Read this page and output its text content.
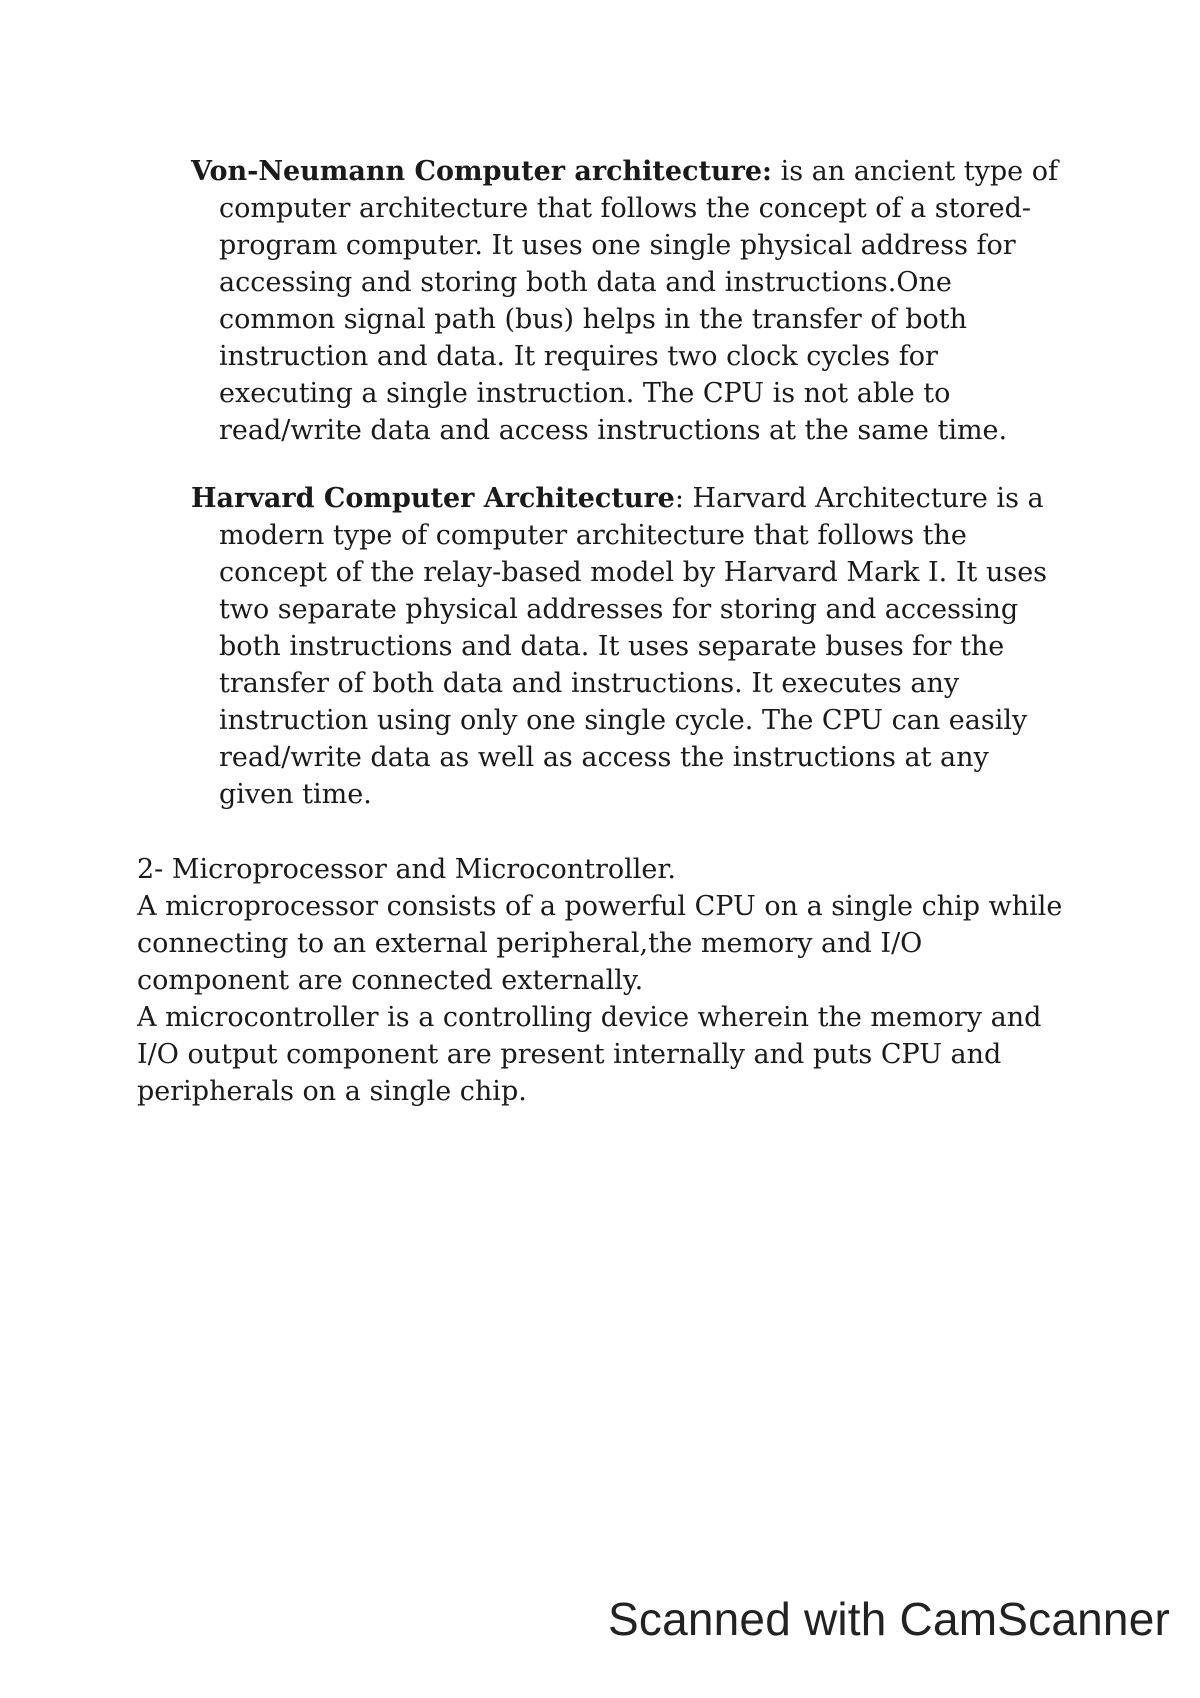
Von-Neumann Computer architecture: is an ancient type of computer architecture that follows the concept of a stored-program computer. It uses one single physical address for accessing and storing both data and instructions.One common signal path (bus) helps in the transfer of both instruction and data. It requires two clock cycles for executing a single instruction. The CPU is not able to read/write data and access instructions at the same time.

Harvard Computer Architecture: Harvard Architecture is a modern type of computer architecture that follows the concept of the relay-based model by Harvard Mark I. It uses two separate physical addresses for storing and accessing both instructions and data. It uses separate buses for the transfer of both data and instructions. It executes any instruction using only one single cycle. The CPU can easily read/write data as well as access the instructions at any given time.

2- Microprocessor and Microcontroller.

A microprocessor consists of a powerful CPU on a single chip while connecting to an external peripheral,the memory and I/O component are connected externally.

A microcontroller is a controlling device wherein the memory and I/O output component are present internally and puts CPU and peripherals on a single chip.

Scanned with CamScanner
